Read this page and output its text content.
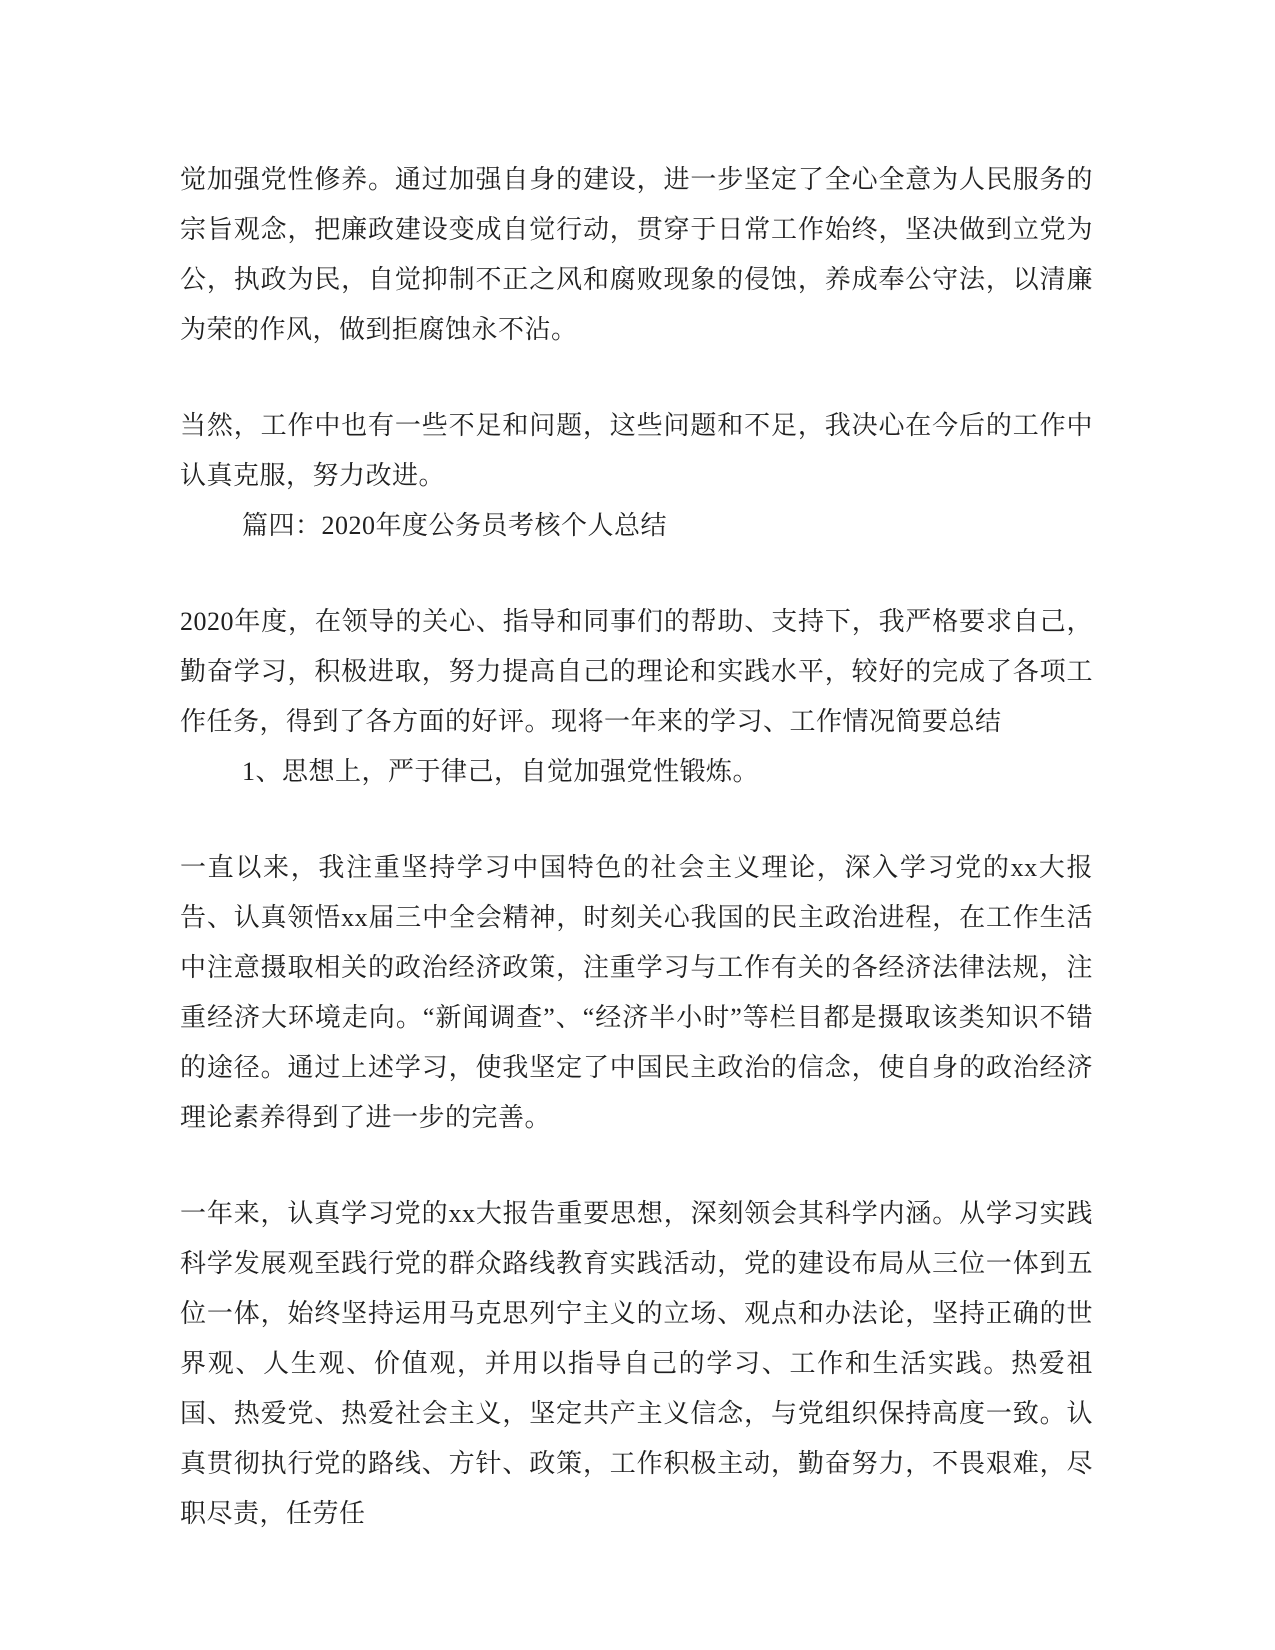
觉加强党性修养。通过加强自身的建设，进一步坚定了全心全意为人民服务的宗旨观念，把廉政建设变成自觉行动，贯穿于日常工作始终，坚决做到立党为公，执政为民，自觉抑制不正之风和腐败现象的侵蚀，养成奉公守法，以清廉为荣的作风，做到拒腐蚀永不沾。

当然，工作中也有一些不足和问题，这些问题和不足，我决心在今后的工作中认真克服，努力改进。

篇四：2020年度公务员考核个人总结

2020年度，在领导的关心、指导和同事们的帮助、支持下，我严格要求自己，勤奋学习，积极进取，努力提高自己的理论和实践水平，较好的完成了各项工作任务，得到了各方面的好评。现将一年来的学习、工作情况简要总结

1、思想上，严于律己，自觉加强党性锻炼。

一直以来，我注重坚持学习中国特色的社会主义理论，深入学习党的xx大报告、认真领悟xx届三中全会精神，时刻关心我国的民主政治进程，在工作生活中注意摄取相关的政治经济政策，注重学习与工作有关的各经济法律法规，注重经济大环境走向。“新闻调查”、“经济半小时”等栏目都是摄取该类知识不错的途径。通过上述学习，使我坚定了中国民主政治的信念，使自身的政治经济理论素养得到了进一步的完善。

一年来，认真学习党的xx大报告重要思想，深刻领会其科学内涵。从学习实践科学发展观至践行党的群众路线教育实践活动，党的建设布局从三位一体到五位一体，始终坚持运用马克思列宁主义的立场、观点和办法论，坚持正确的世界观、人生观、价值观，并用以指导自己的学习、工作和生活实践。热爱祖国、热爱党、热爱社会主义，坚定共产主义信念，与党组织保持高度一致。认真贯彻执行党的路线、方针、政策，工作积极主动，勤奋努力，不畏艰难，尽职尽责，任劳任
